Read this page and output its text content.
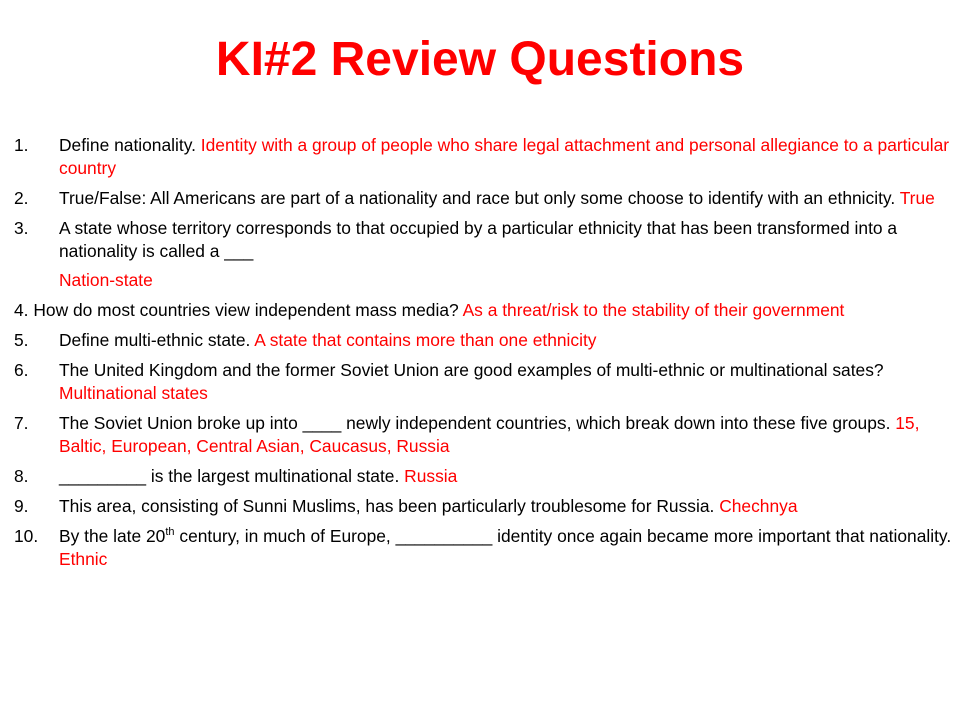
KI#2 Review Questions
1. Define nationality. Identity with a group of people who share legal attachment and personal allegiance to a particular country
2. True/False: All Americans are part of a nationality and race but only some choose to identify with an ethnicity. True
3. A state whose territory corresponds to that occupied by a particular ethnicity that has been transformed into a nationality is called a ___
Nation-state
4. How do most countries view independent mass media? As a threat/risk to the stability of their government
5. Define multi-ethnic state. A state that contains more than one ethnicity
6. The United Kingdom and the former Soviet Union are good examples of multi-ethnic or multinational sates? Multinational states
7. The Soviet Union broke up into ____ newly independent countries, which break down into these five groups. 15, Baltic, European, Central Asian, Caucasus, Russia
8. _________ is the largest multinational state. Russia
9. This area, consisting of Sunni Muslims, has been particularly troublesome for Russia. Chechnya
10. By the late 20th century, in much of Europe, __________ identity once again became more important that nationality. Ethnic
